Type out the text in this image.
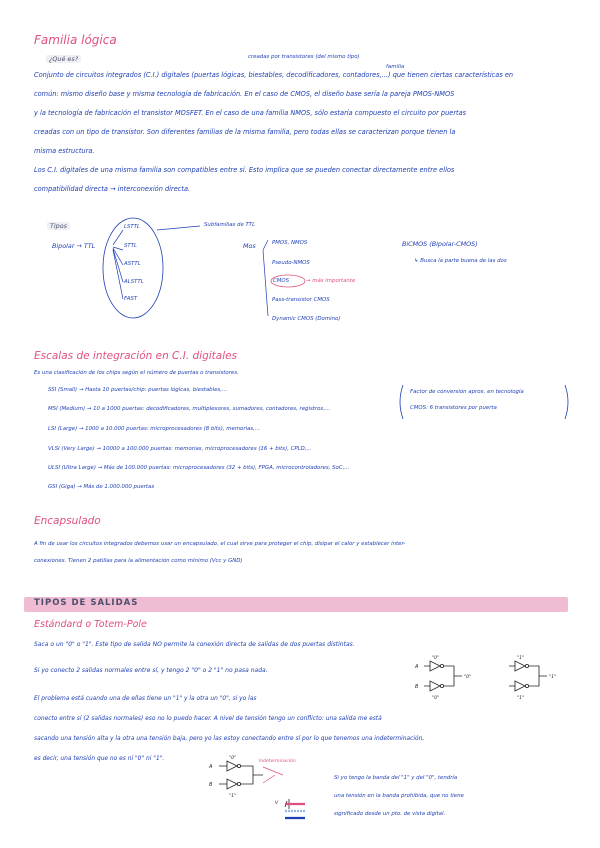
Familia lógica
¿Qué es?	creadas por transistores (del mismo tipo)
familia
Conjunto de circuitos integrados (C.I.) digitales (puertas lógicas, biestables, decodificadores, contadores,...) que tienen ciertas características en
común: mismo diseño base y misma tecnología de fabricación. En el caso de CMOS, el diseño base sería la pareja PMOS-NMOS
y la tecnología de fabricación el transistor MOSFET. En el caso de una familia NMOS, sólo estaría compuesto el circuito por puertas
creadas con un tipo de transistor. Son diferentes familias de la misma familia, pero todas ellas se caracterizan porque tienen la
misma estructura.
Los C.I. digitales de una misma familia son compatibles entre sí. Esto implica que se pueden conectar directamente entre ellos
compatibilidad directa → interconexión directa.
Tipos
Bipolar → TTL
LSTTL
STTL
ASTTL
ALSTTL
FAST
Subfamilias de TTL
Mos	PMOS, NMOS
Pseudo-NMOS
CMOS	→ más importante
Pass-transistor CMOS
Dynamic CMOS (Domino)
BiCMOS (Bipolar-CMOS)
↳ Busca la parte buena de las dos
Escalas de integración en C.I. digitales
Es una clasificación de los chips según el número de puertas o transistores.
SSI (Small) → Hasta 10 puertas/chip: puertas lógicas, biestables,...
MSI (Medium) → 10 a 1000 puertas: decodificadores, multiplexores, sumadores, contadores, registros,...
LSI (Large) → 1000 a 10.000 puertas: microprocesadores (8 bits), memorias,...
VLSI (Very Large) → 10000 a 100.000 puertas: memorias, microprocesadores (16 + bits), CPLD,...
ULSI (Ultra Large) → Más de 100.000 puertas: microprocesadores (32 + bits), FPGA, microcontroladores, SoC,...
GSI (Giga) → Más de 1.000.000 puertas
Factor de conversión aprox. en tecnología
CMOS: 6 transistores por puerta
Encapsulado
A fin de usar los circuitos integrados debemos usar un encapsulado, el cual sirve para proteger el chip, disipar el calor y establecer inter-
conexiones. Tienen 2 patillas para la alimentación como mínimo (Vcc y GND)
TIPOS DE SALIDAS
Estándard o Totem-Pole
Saca o un "0" o "1". Este tipo de salida NO permite la conexión directa de salidas de dos puertas distintas.
Si yo conecto 2 salidas normales entre sí, y tengo 2 "0" o 2 "1" no pasa nada.
El problema está cuando una de ellas tiene un "1" y la otra un "0", si yo las
conecto entre sí (2 salidas normales) eso no lo puedo hacer. A nivel de tensión tengo un conflicto: una salida me está
sacando una tensión alta y la otra una tensión baja, pero yo las estoy conectando entre sí por lo que tenemos una indeterminación,
es decir, una tensión que no es ni "0" ni "1".
A
B
"0"
"0"
"0"
"1"
"1"
"1"
A
B
"0"
"1"
Indeterminación
V
Si yo tengo la banda del "1" y del "0", tendría
una tensión en la banda prohibida, que no tiene
significado desde un pto. de vista digital.
